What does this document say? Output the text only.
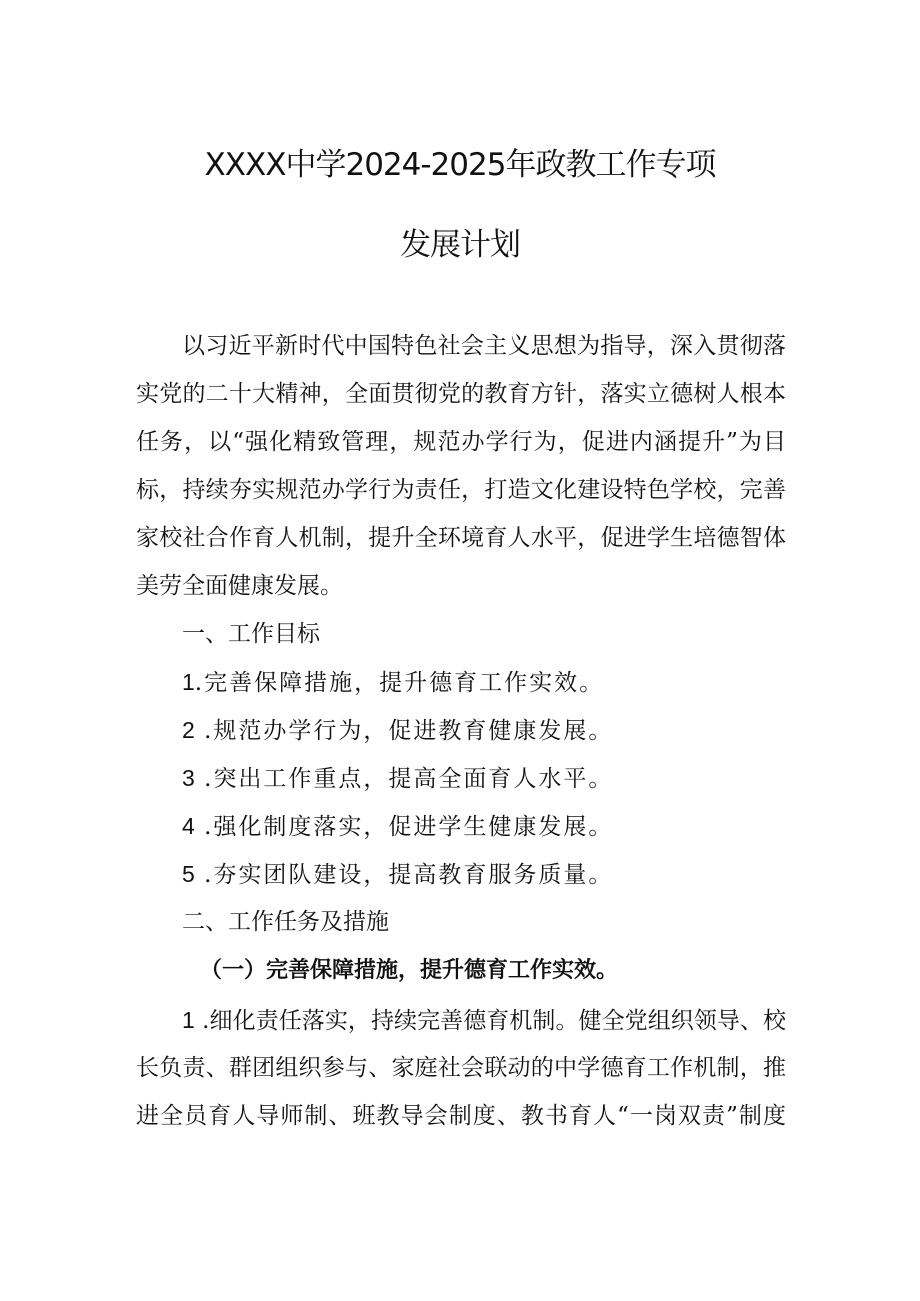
XXXX中学2024-2025年政教工作专项
发展计划
以习近平新时代中国特色社会主义思想为指导，深入贯彻落
实党的二十大精神，全面贯彻党的教育方针，落实立德树人根本
任务，以“强化精致管理，规范办学行为，促进内涵提升”为目
标，持续夯实规范办学行为责任，打造文化建设特色学校，完善
家校社合作育人机制，提升全环境育人水平，促进学生培德智体
美劳全面健康发展。
一、工作目标
1.完善保障措施，提升德育工作实效。
2 .规范办学行为，促进教育健康发展。
3 .突出工作重点，提高全面育人水平。
4 .强化制度落实，促进学生健康发展。
5 .夯实团队建设，提高教育服务质量。
二、工作任务及措施
（一）完善保障措施，提升德育工作实效。
1 .细化责任落实，持续完善德育机制。健全党组织领导、校
长负责、群团组织参与、家庭社会联动的中学德育工作机制，推
进全员育人导师制、班教导会制度、教书育人“一岗双责”制度
